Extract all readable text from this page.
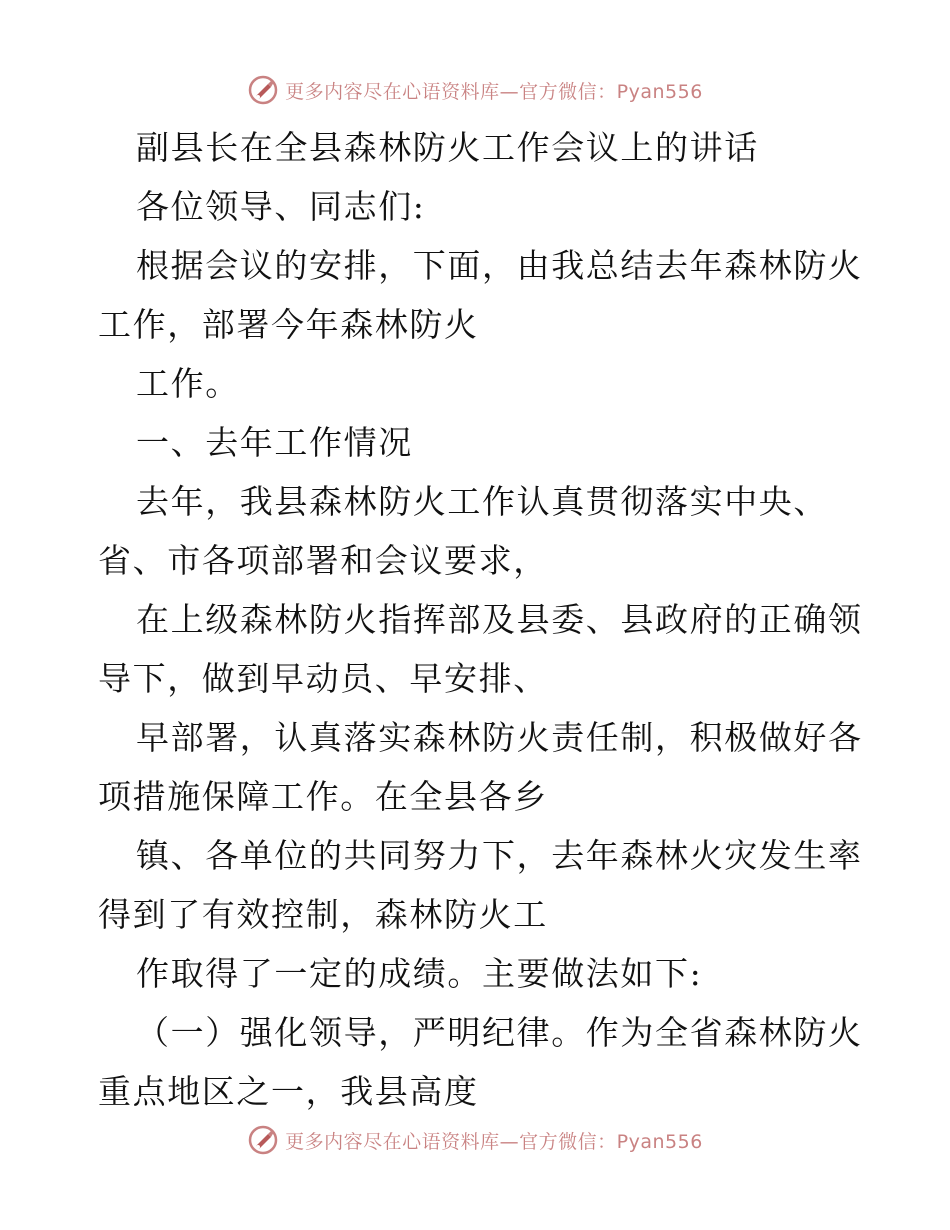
更多内容尽在心语资料库—官方微信：Pyan556
副县长在全县森林防火工作会议上的讲话
各位领导、同志们:
根据会议的安排，下面，由我总结去年森林防火
工作，部署今年森林防火
工作。
一、去年工作情况
去年，我县森林防火工作认真贯彻落实中央、
省、市各项部署和会议要求，
在上级森林防火指挥部及县委、县政府的正确领
导下，做到早动员、早安排、
早部署，认真落实森林防火责任制，积极做好各
项措施保障工作。在全县各乡
镇、各单位的共同努力下，去年森林火灾发生率
得到了有效控制，森林防火工
作取得了一定的成绩。主要做法如下:
（一）强化领导，严明纪律。作为全省森林防火
重点地区之一，我县高度
更多内容尽在心语资料库—官方微信：Pyan556
